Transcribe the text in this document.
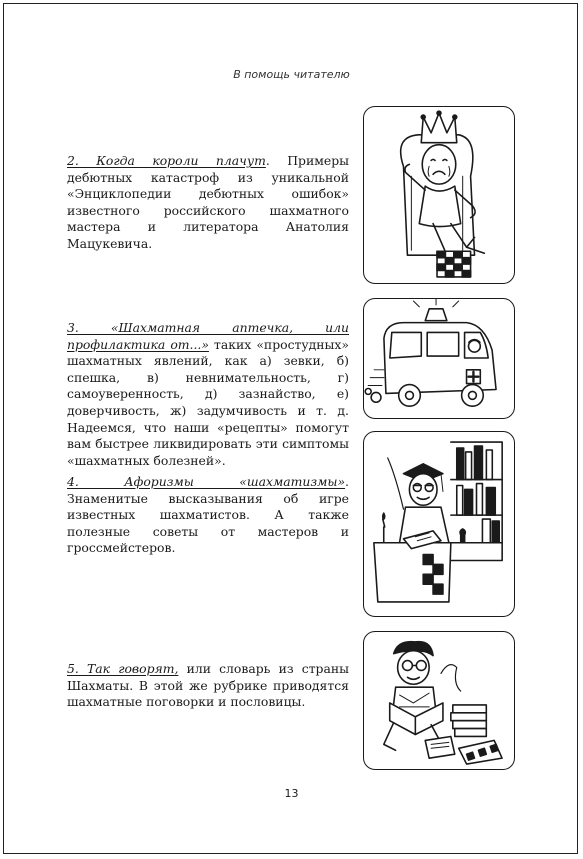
В помощь читателю
2. Когда короли плачут. Примеры дебютных катастроф из уникальной «Энциклопедии дебютных ошибок» известного российского шахматного мастера и литератора Анатолия Мацукевича.
3. «Шахматная аптечка, или профилактика от...» таких «простудных» шахматных явлений, как а) зевки, б) спешка, в) невнимательность, г) самоуверенность, д) зазнайство, е) доверчивость, ж) задумчивость и т. д. Надеемся, что наши «рецепты» помогут вам быстрее ликвидировать эти симптомы «шахматных болезней».
4. Афоризмы «шахматизмы». Знаменитые высказывания об игре известных шахматистов. А также полезные советы от мастеров и гроссмейстеров.
5. Так говорят, или словарь из страны Шахматы. В этой же рубрике приводятся шахматные поговорки и пословицы.
13
